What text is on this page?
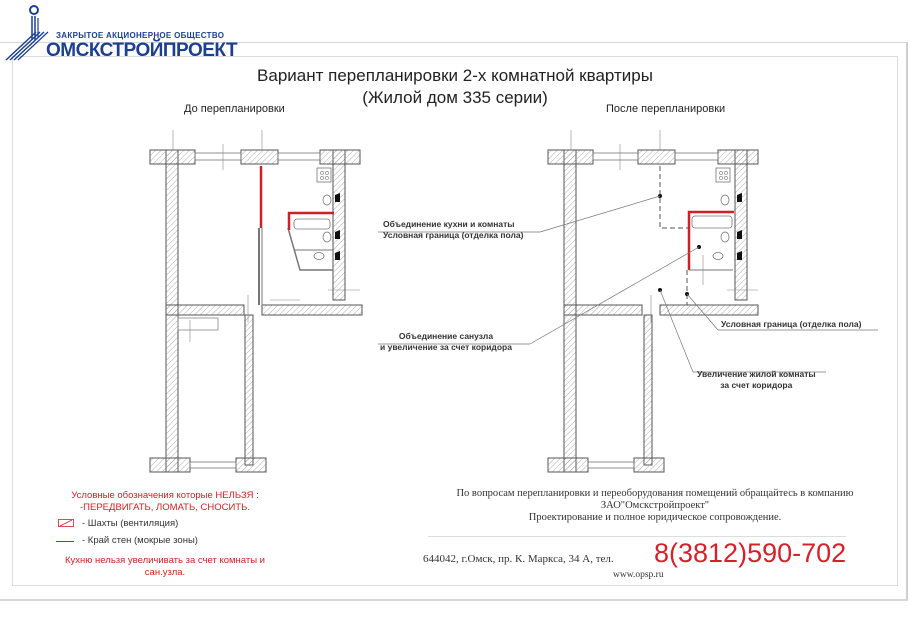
ЗАКРЫТОЕ АКЦИОНЕРНОЕ ОБЩЕСТВО
ОМСКСТРОЙПРОЕКТ
Вариант перепланировки 2-х комнатной квартиры
(Жилой дом 335 серии)
До перепланировки	После перепланировки
Объединение кухни и комнаты
Условная граница (отделка пола)
Объединение санузла
и увеличение за счет коридора
Условная граница (отделка пола)
Увеличение жилой комнаты
за счет коридора
Условные обозначения которые НЕЛЬЗЯ :
-ПЕРЕДВИГАТЬ, ЛОМАТЬ, СНОСИТЬ.
- Шахты (вентиляция)
- Край стен (мокрые зоны)
Кухню нельзя увеличивать за счет комнаты и
сан.узла.
По вопросам перепланировки и переоборудования помещений обращайтесь в компанию
ЗАО"Омскстройпроект"
Проектирование и полное юридическое сопровождение.
644042, г.Омск, пр. К. Маркса, 34 А, тел. 8(3812)590-702
www.opsp.ru
